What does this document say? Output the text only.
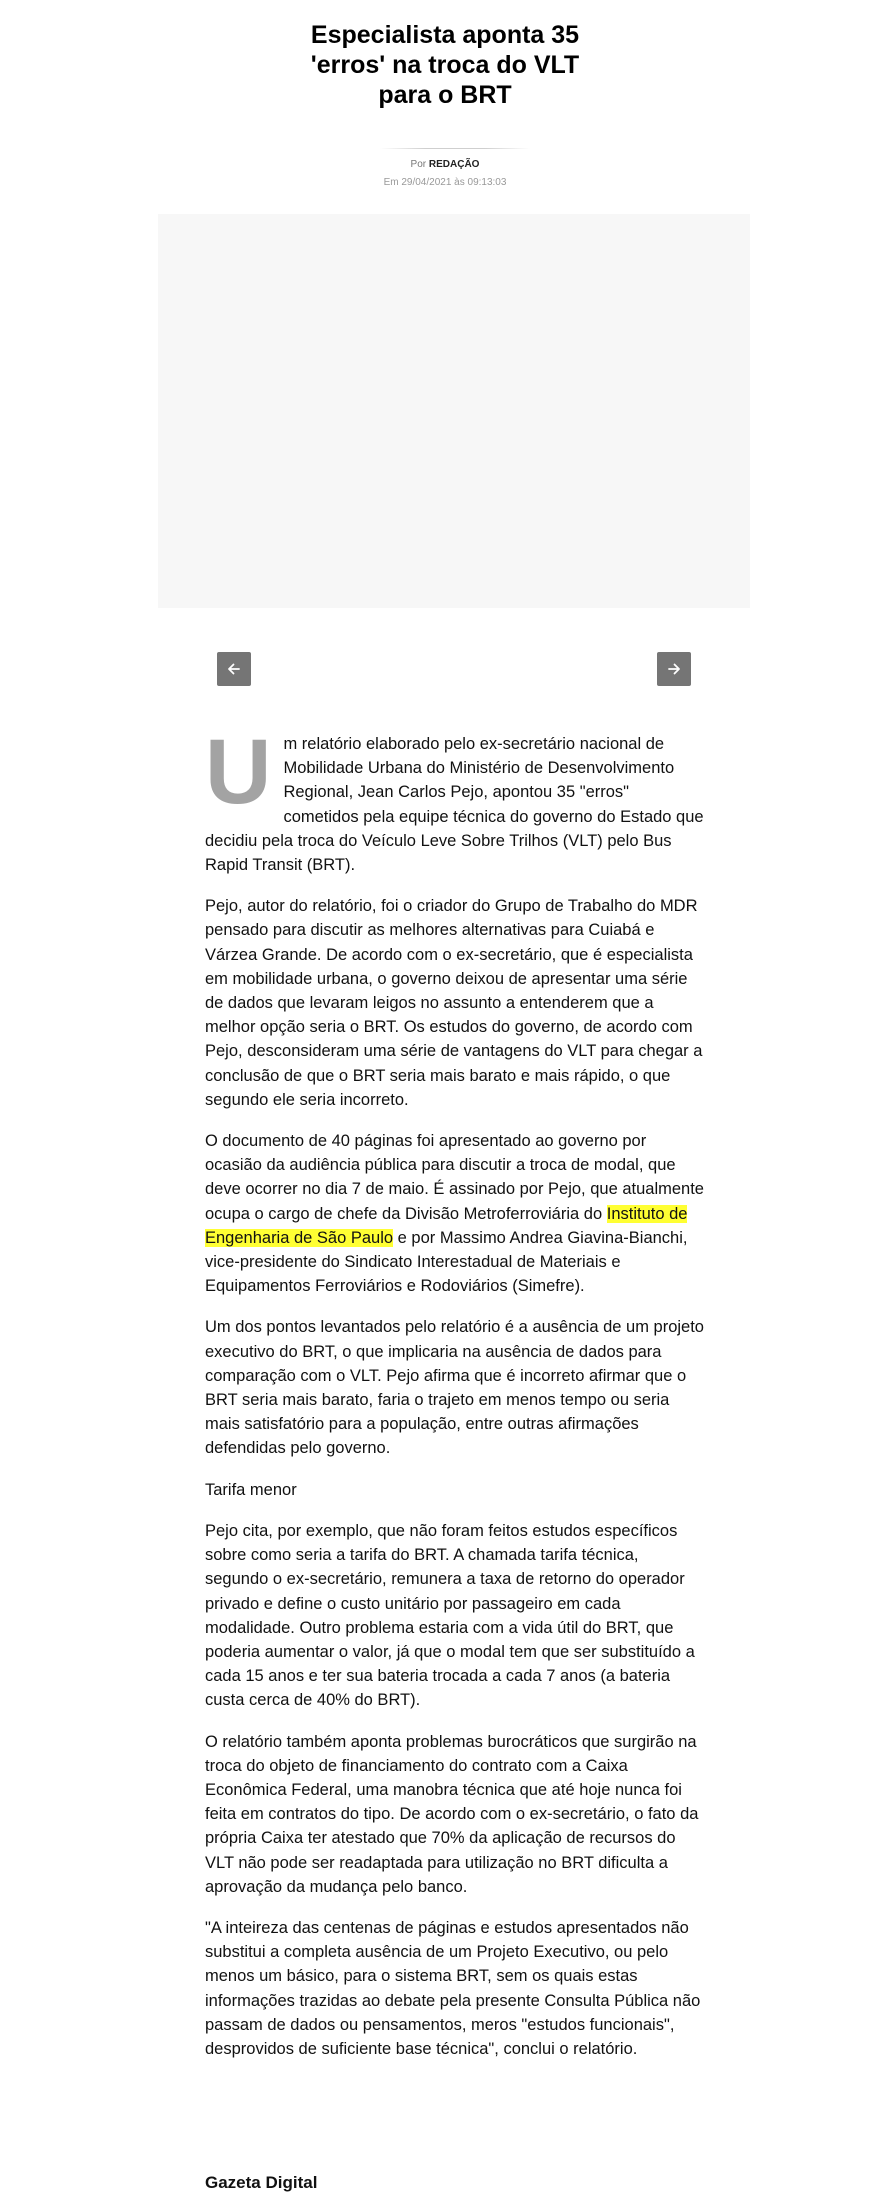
Especialista aponta 35 'erros' na troca do VLT para o BRT
Por REDAÇÃO
Em 29/04/2021 às 09:13:03

Um relatório elaborado pelo ex-secretário nacional de Mobilidade Urbana do Ministério de Desenvolvimento Regional, Jean Carlos Pejo, apontou 35 "erros" cometidos pela equipe técnica do governo do Estado que decidiu pela troca do Veículo Leve Sobre Trilhos (VLT) pelo Bus Rapid Transit (BRT).

Pejo, autor do relatório, foi o criador do Grupo de Trabalho do MDR pensado para discutir as melhores alternativas para Cuiabá e Várzea Grande. De acordo com o ex-secretário, que é especialista em mobilidade urbana, o governo deixou de apresentar uma série de dados que levaram leigos no assunto a entenderem que a melhor opção seria o BRT. Os estudos do governo, de acordo com Pejo, desconsideram uma série de vantagens do VLT para chegar a conclusão de que o BRT seria mais barato e mais rápido, o que segundo ele seria incorreto.

O documento de 40 páginas foi apresentado ao governo por ocasião da audiência pública para discutir a troca de modal, que deve ocorrer no dia 7 de maio. É assinado por Pejo, que atualmente ocupa o cargo de chefe da Divisão Metroferroviária do Instituto de Engenharia de São Paulo e por Massimo Andrea Giavina-Bianchi, vice-presidente do Sindicato Interestadual de Materiais e Equipamentos Ferroviários e Rodoviários (Simefre).

Um dos pontos levantados pelo relatório é a ausência de um projeto executivo do BRT, o que implicaria na ausência de dados para comparação com o VLT. Pejo afirma que é incorreto afirmar que o BRT seria mais barato, faria o trajeto em menos tempo ou seria mais satisfatório para a população, entre outras afirmações defendidas pelo governo.

Tarifa menor

Pejo cita, por exemplo, que não foram feitos estudos específicos sobre como seria a tarifa do BRT. A chamada tarifa técnica, segundo o ex-secretário, remunera a taxa de retorno do operador privado e define o custo unitário por passageiro em cada modalidade. Outro problema estaria com a vida útil do BRT, que poderia aumentar o valor, já que o modal tem que ser substituído a cada 15 anos e ter sua bateria trocada a cada 7 anos (a bateria custa cerca de 40% do BRT).

O relatório também aponta problemas burocráticos que surgirão na troca do objeto de financiamento do contrato com a Caixa Econômica Federal, uma manobra técnica que até hoje nunca foi feita em contratos do tipo. De acordo com o ex-secretário, o fato da própria Caixa ter atestado que 70% da aplicação de recursos do VLT não pode ser readaptada para utilização no BRT dificulta a aprovação da mudança pelo banco.

"A inteireza das centenas de páginas e estudos apresentados não substitui a completa ausência de um Projeto Executivo, ou pelo menos um básico, para o sistema BRT, sem os quais estas informações trazidas ao debate pela presente Consulta Pública não passam de dados ou pensamentos, meros "estudos funcionais", desprovidos de suficiente base técnica", conclui o relatório.

Gazeta Digital
